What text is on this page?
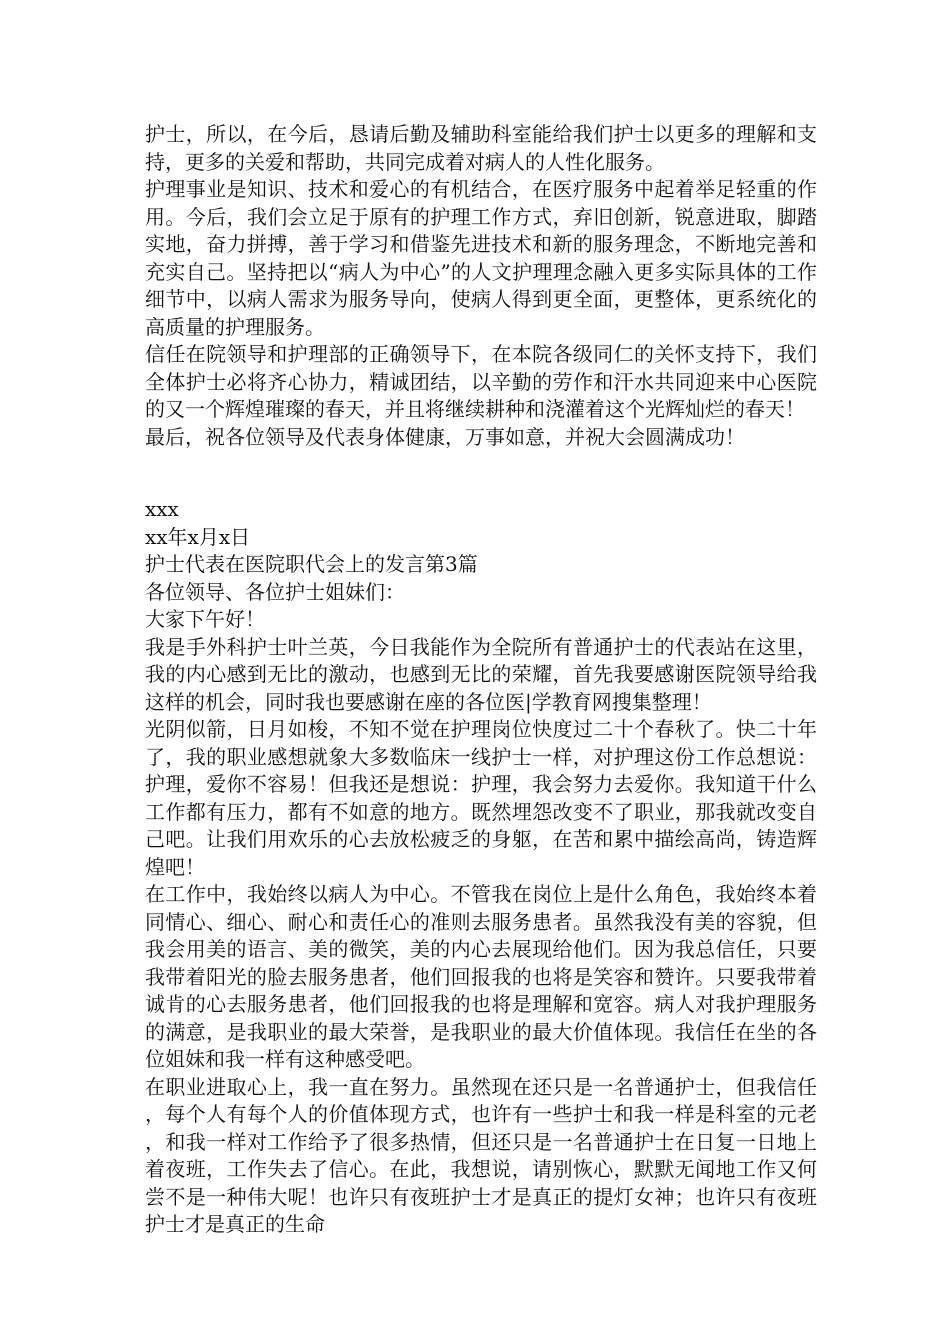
护士，所以，在今后，恳请后勤及辅助科室能给我们护士以更多的理解和支持，更多的关爱和帮助，共同完成着对病人的人性化服务。

护理事业是知识、技术和爱心的有机结合，在医疗服务中起着举足轻重的作用。今后，我们会立足于原有的护理工作方式，弃旧创新，锐意进取，脚踏实地，奋力拼搏，善于学习和借鉴先进技术和新的服务理念，不断地完善和充实自己。坚持把以“病人为中心”的人文护理理念融入更多实际具体的工作细节中，以病人需求为服务导向，使病人得到更全面，更整体，更系统化的高质量的护理服务。

信任在院领导和护理部的正确领导下，在本院各级同仁的关怀支持下，我们全体护士必将齐心协力，精诚团结，以辛勤的劳作和汗水共同迎来中心医院的又一个辉煌璀璨的春天，并且将继续耕种和浇灌着这个光辉灿烂的春天！

最后，祝各位领导及代表身体健康，万事如意，并祝大会圆满成功！

xxx

xx年x月x日

护士代表在医院职代会上的发言第3篇

各位领导、各位护士姐妹们：

大家下午好！

我是手外科护士叶兰英，今日我能作为全院所有普通护士的代表站在这里，我的内心感到无比的激动，也感到无比的荣耀，首先我要感谢医院领导给我这样的机会，同时我也要感谢在座的各位医|学教育网搜集整理！

光阴似箭，日月如梭，不知不觉在护理岗位快度过二十个春秋了。快二十年了，我的职业感想就象大多数临床一线护士一样，对护理这份工作总想说：护理，爱你不容易！但我还是想说：护理，我会努力去爱你。我知道干什么工作都有压力，都有不如意的地方。既然埋怨改变不了职业，那我就改变自己吧。让我们用欢乐的心去放松疲乏的身躯，在苦和累中描绘高尚，铸造辉煌吧！

在工作中，我始终以病人为中心。不管我在岗位上是什么角色，我始终本着同情心、细心、耐心和责任心的准则去服务患者。虽然我没有美的容貌，但我会用美的语言、美的微笑，美的内心去展现给他们。因为我总信任，只要我带着阳光的脸去服务患者，他们回报我的也将是笑容和赞许。只要我带着诚肯的心去服务患者，他们回报我的也将是理解和宽容。病人对我护理服务的满意，是我职业的最大荣誉，是我职业的最大价值体现。我信任在坐的各位姐妹和我一样有这种感受吧。

在职业进取心上，我一直在努力。虽然现在还只是一名普通护士，但我信任，每个人有每个人的价值体现方式，也许有一些护士和我一样是科室的元老，和我一样对工作给予了很多热情，但还只是一名普通护士在日复一日地上着夜班，工作失去了信心。在此，我想说，请别恢心，默默无闻地工作又何尝不是一种伟大呢！也许只有夜班护士才是真正的提灯女神；也许只有夜班护士才是真正的生命
